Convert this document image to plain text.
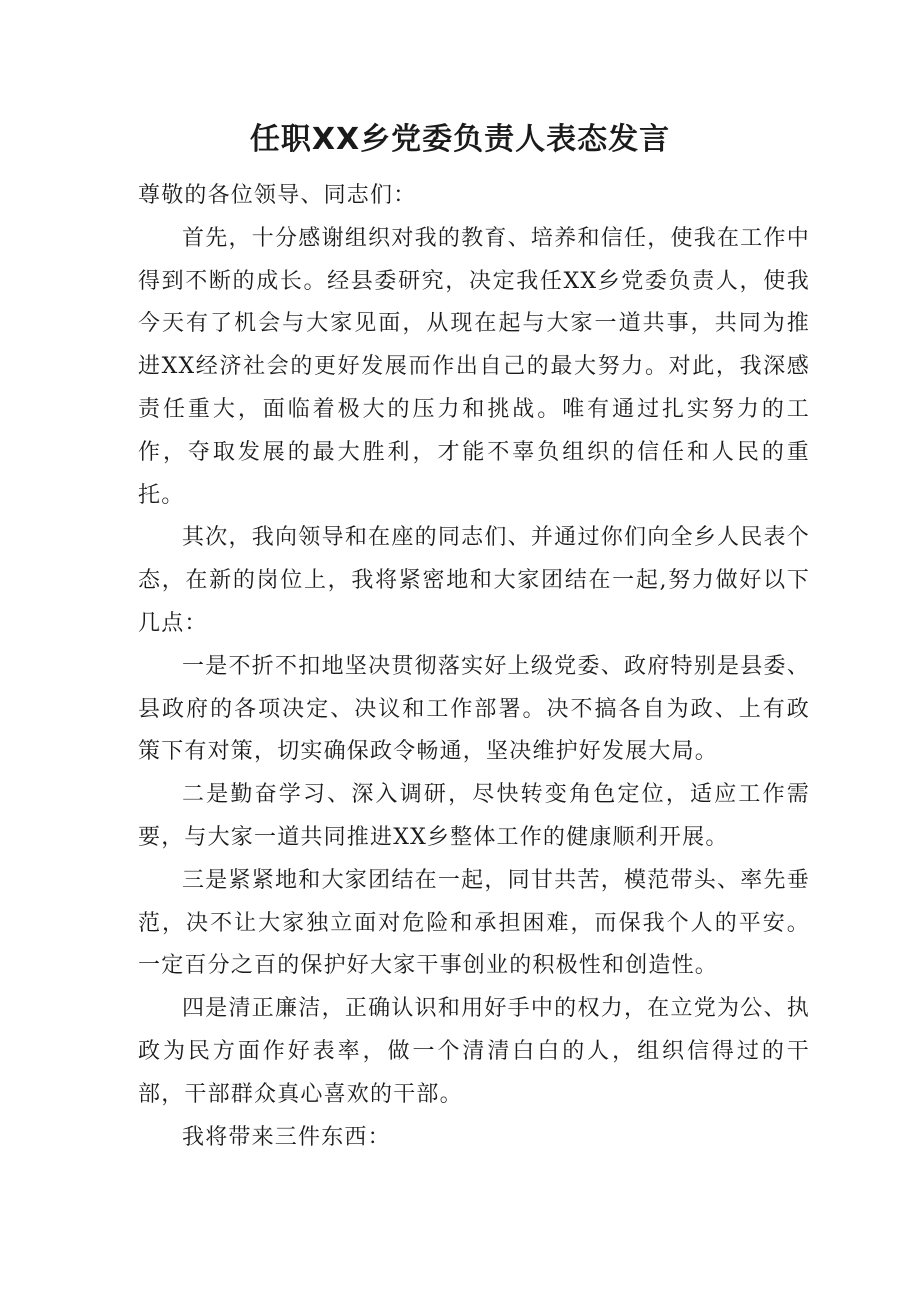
任职XX乡党委负责人表态发言

尊敬的各位领导、同志们：

首先，十分感谢组织对我的教育、培养和信任，使我在工作中得到不断的成长。经县委研究，决定我任XX乡党委负责人，使我今天有了机会与大家见面，从现在起与大家一道共事，共同为推进XX经济社会的更好发展而作出自己的最大努力。对此，我深感责任重大，面临着极大的压力和挑战。唯有通过扎实努力的工作，夺取发展的最大胜利，才能不辜负组织的信任和人民的重托。

其次，我向领导和在座的同志们、并通过你们向全乡人民表个态，在新的岗位上，我将紧密地和大家团结在一起,努力做好以下几点：

一是不折不扣地坚决贯彻落实好上级党委、政府特别是县委、县政府的各项决定、决议和工作部署。决不搞各自为政、上有政策下有对策，切实确保政令畅通，坚决维护好发展大局。

二是勤奋学习、深入调研，尽快转变角色定位，适应工作需要，与大家一道共同推进XX乡整体工作的健康顺利开展。

三是紧紧地和大家团结在一起，同甘共苦，模范带头、率先垂范，决不让大家独立面对危险和承担困难，而保我个人的平安。一定百分之百的保护好大家干事创业的积极性和创造性。

四是清正廉洁，正确认识和用好手中的权力，在立党为公、执政为民方面作好表率，做一个清清白白的人，组织信得过的干部，干部群众真心喜欢的干部。

我将带来三件东西：
